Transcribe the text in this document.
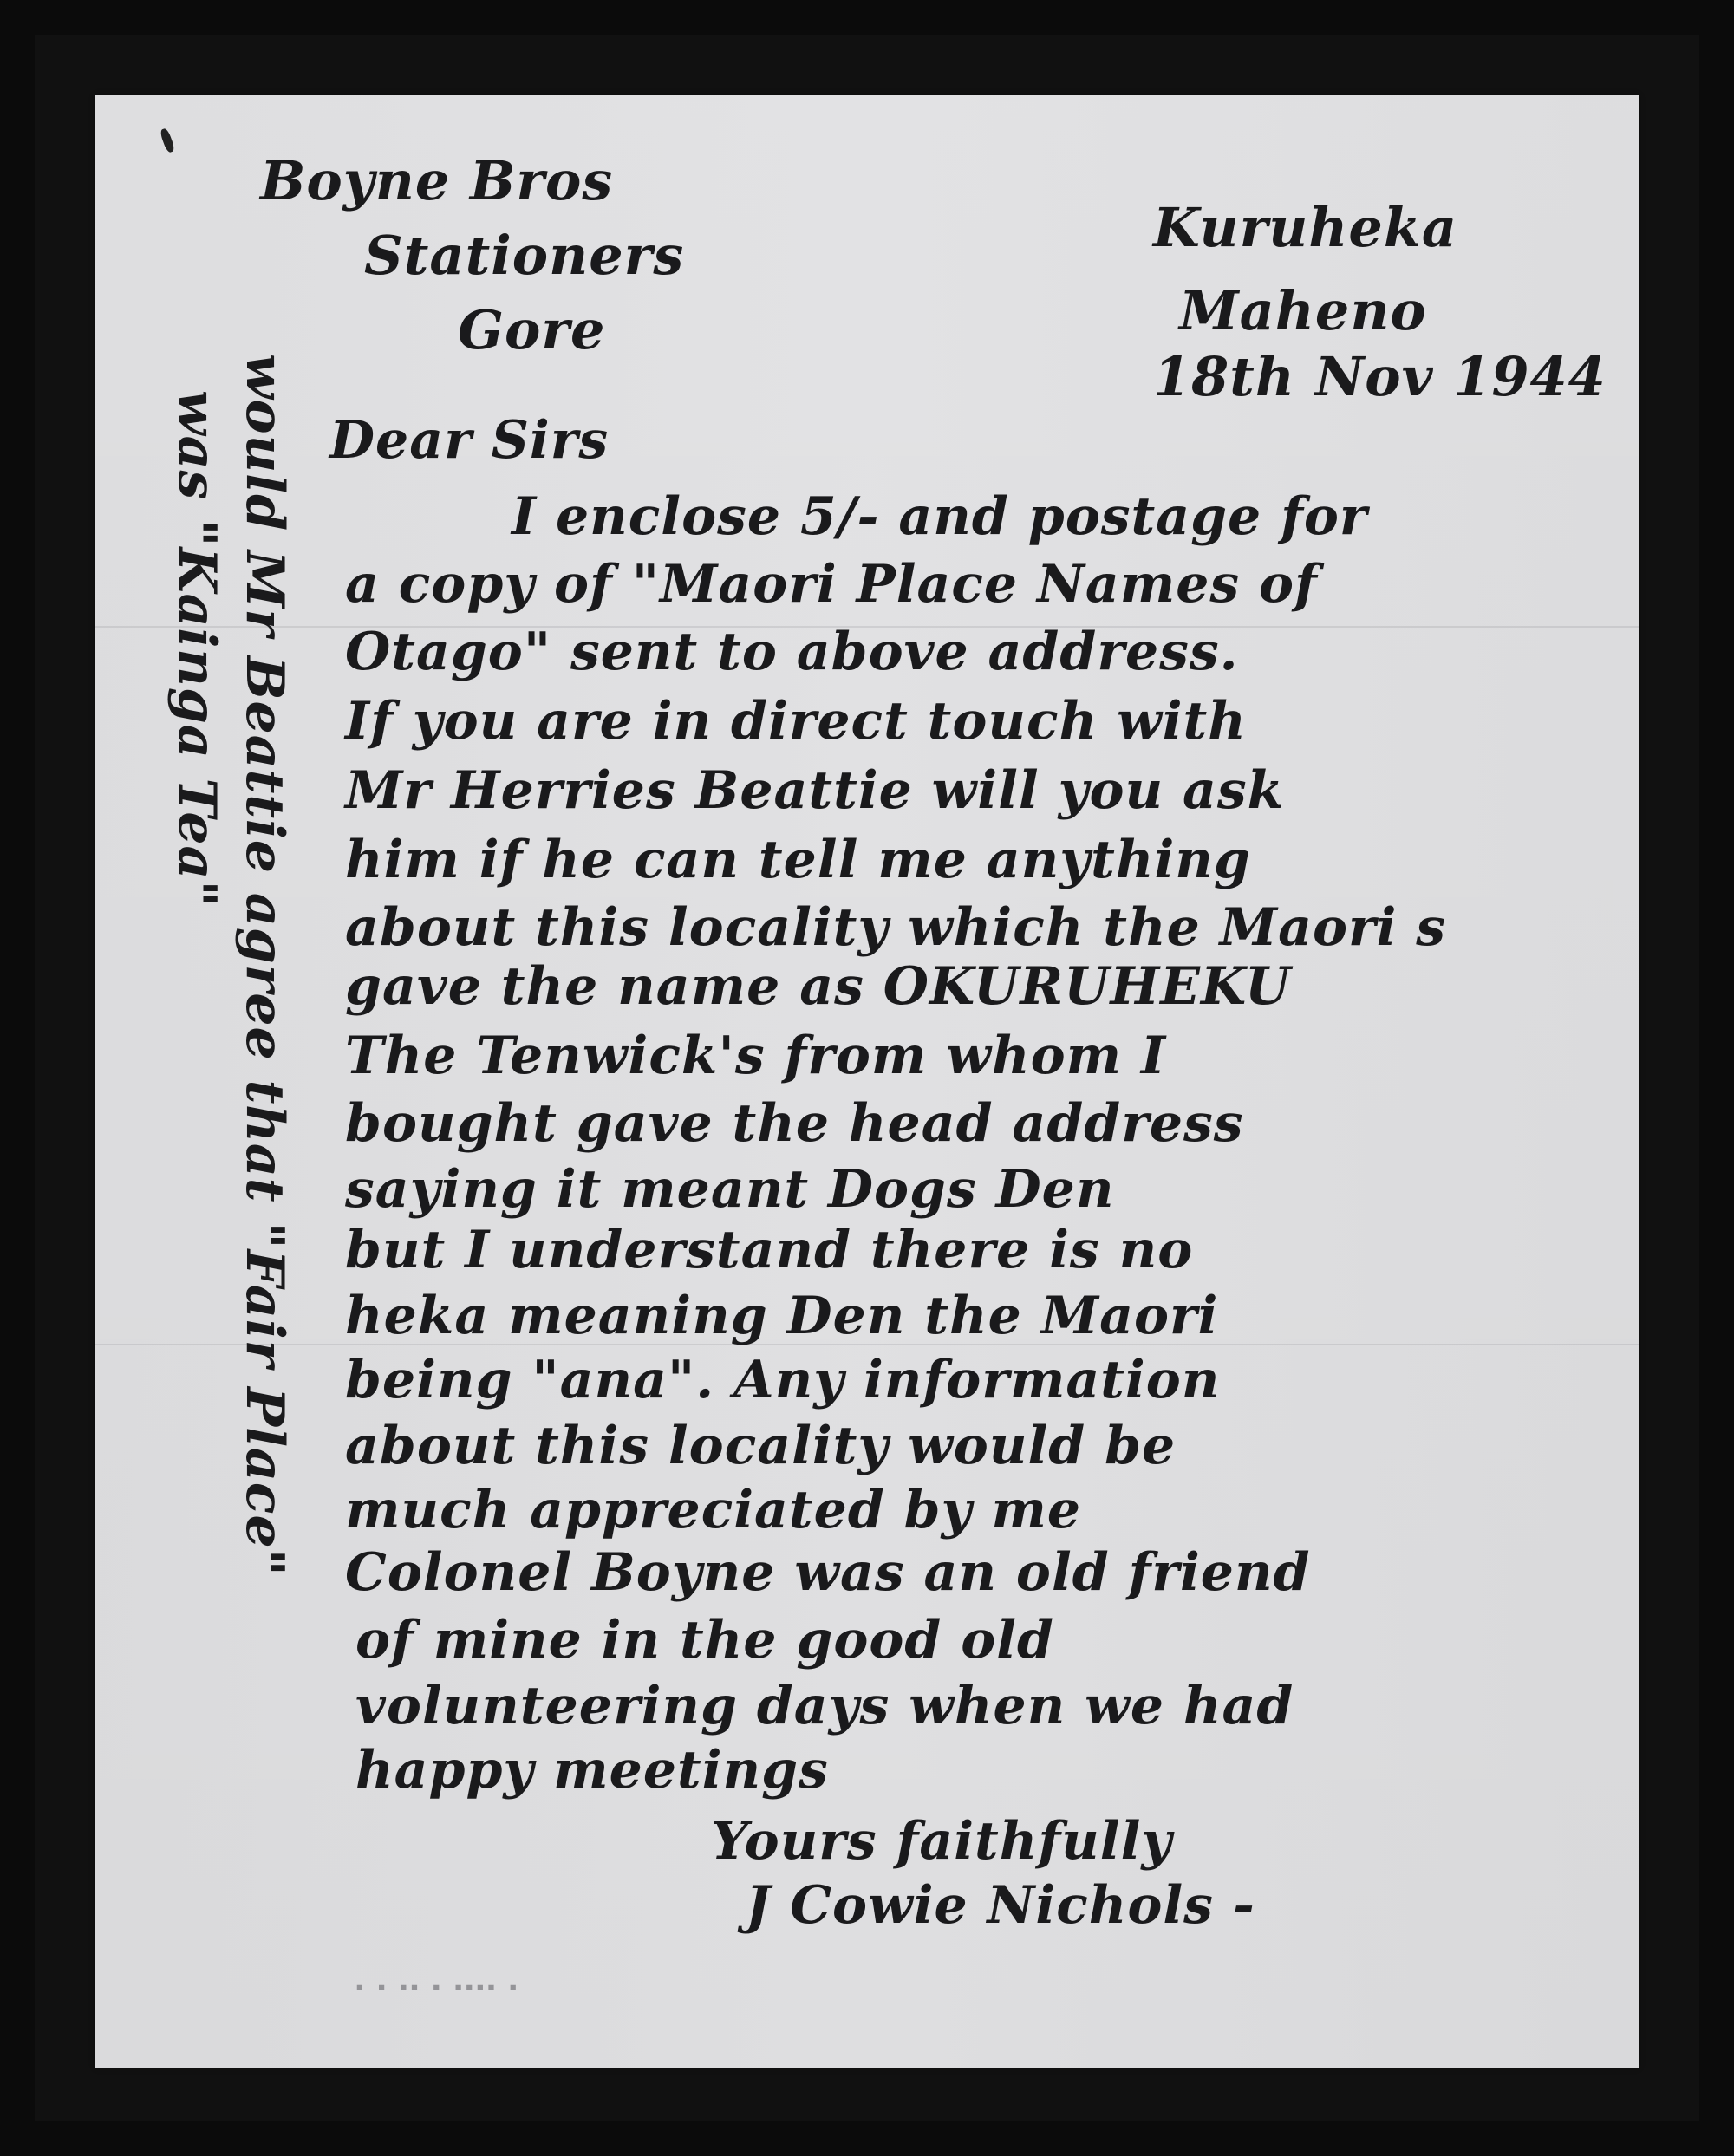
Boyne Bros
Stationers
Gore
Kuruheka
Maheno
18th Nov 1944
Dear Sirs
I enclose 5/- and postage for
a copy of "Maori Place Names of
Otago" sent to above address.
If you are in direct touch with
Mr Herries Beattie will you ask
him if he can tell me anything
about this locality which the Maori s
gave the name as OKURUHEKU
The Tenwick's from whom I
bought gave the head address
saying it meant Dogs Den
but I understand there is no
heka meaning Den the Maori
being "ana". Any information
about this locality would be
much appreciated by me
Colonel Boyne was an old friend
of mine in the good old
volunteering days when we had
happy meetings
Yours faithfully
J Cowie Nichols -
would Mr Beattie agree that "Fair Place"
was "Kainga Tea"
▪ ▪ ▪▪ ▪ ▪▪▪▪ ▪
